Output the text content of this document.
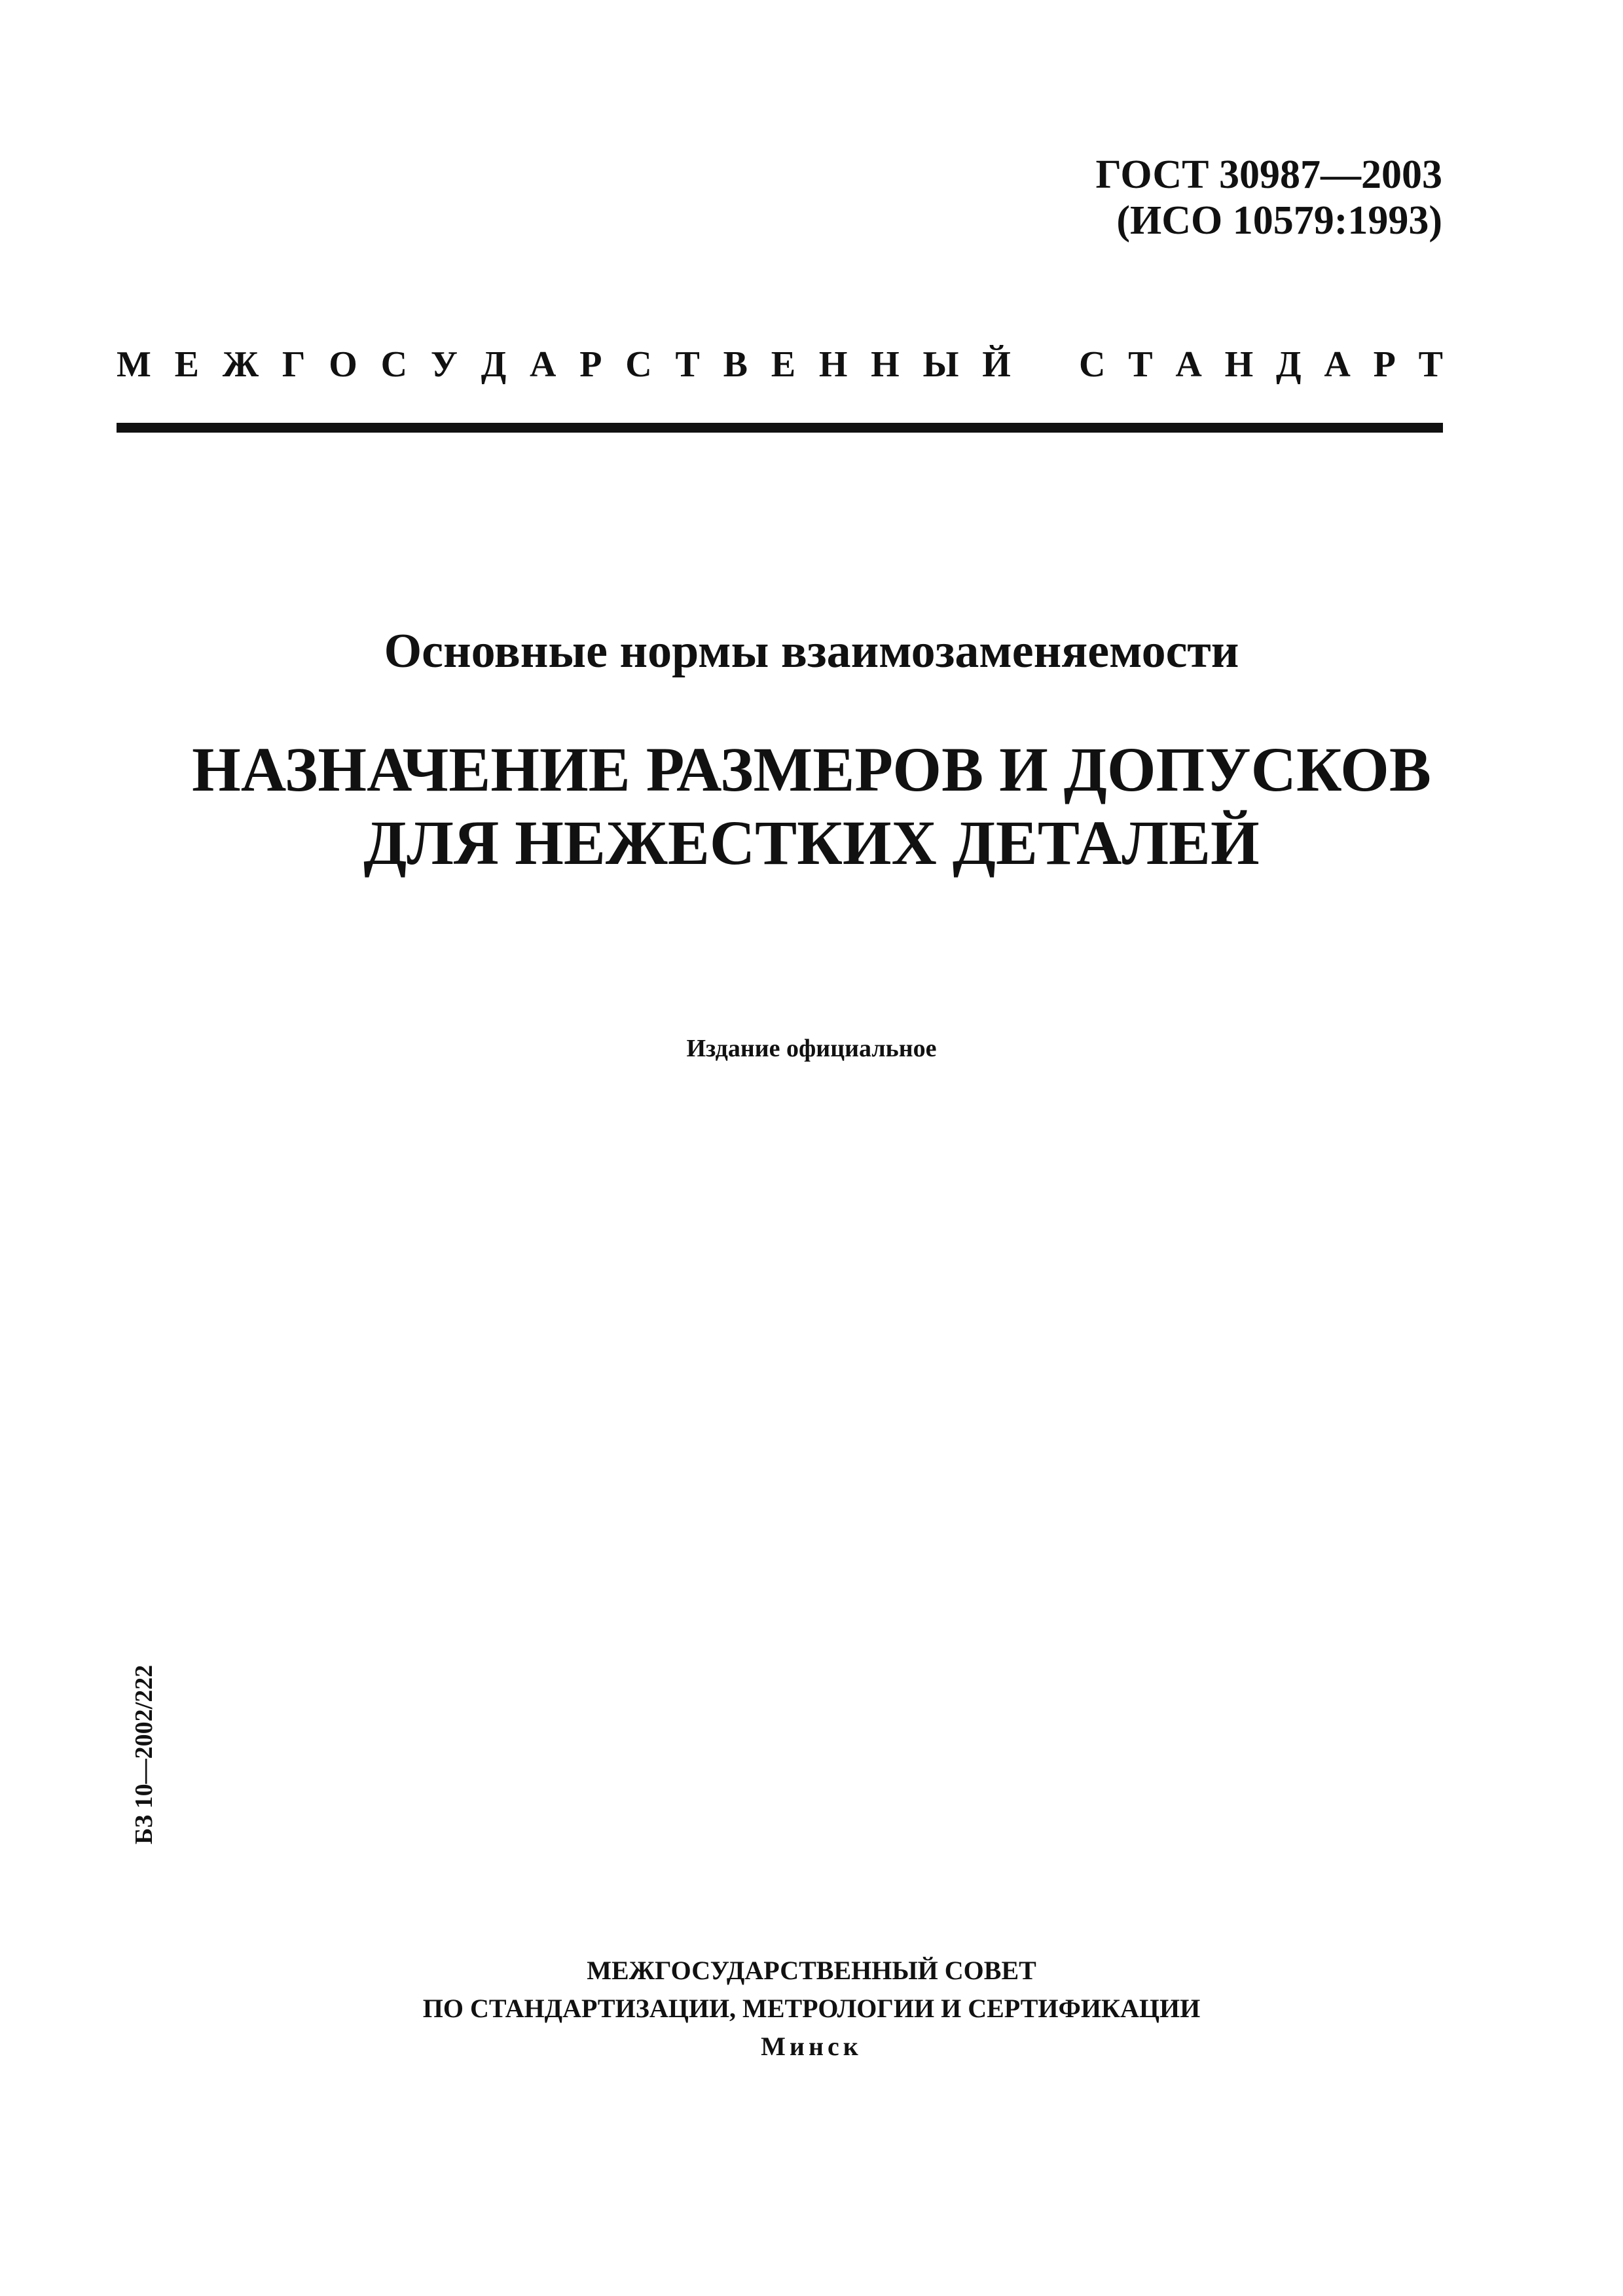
ГОСТ 30987—2003
(ИСО 10579:1993)
М Е Ж Г О С У Д А Р С Т В Е Н Н Ы Й С Т А Н Д А Р Т
Основные нормы взаимозаменяемости
НАЗНАЧЕНИЕ РАЗМЕРОВ И ДОПУСКОВ
ДЛЯ НЕЖЕСТКИХ ДЕТАЛЕЙ
Издание официальное
БЗ 10—2002/222
МЕЖГОСУДАРСТВЕННЫЙ СОВЕТ
ПО СТАНДАРТИЗАЦИИ, МЕТРОЛОГИИ И СЕРТИФИКАЦИИ
Минск
